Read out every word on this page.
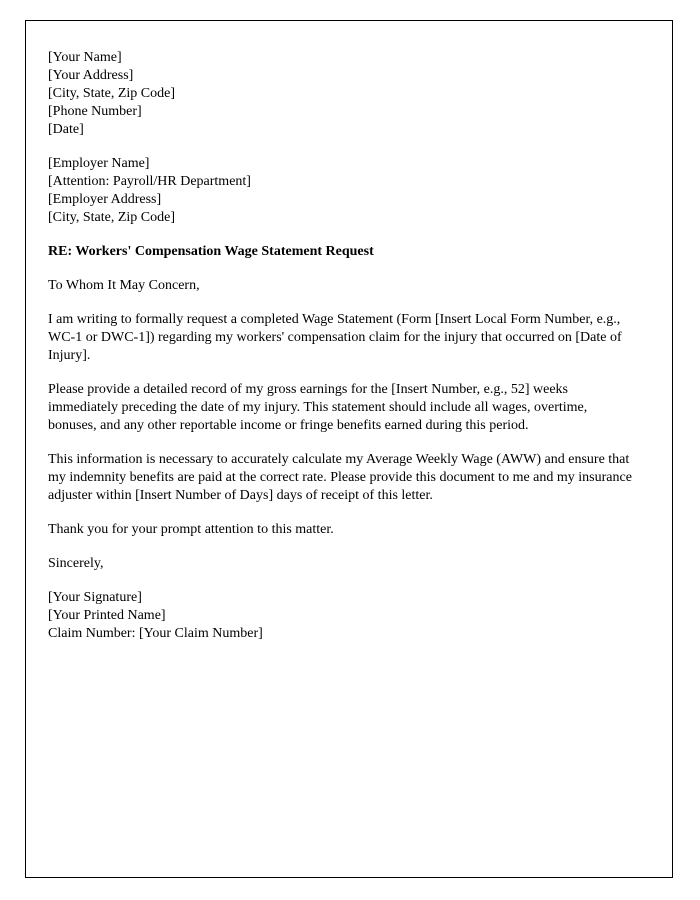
[Your Name]
[Your Address]
[City, State, Zip Code]
[Phone Number]
[Date]
[Employer Name]
[Attention: Payroll/HR Department]
[Employer Address]
[City, State, Zip Code]
RE: Workers' Compensation Wage Statement Request
To Whom It May Concern,
I am writing to formally request a completed Wage Statement (Form [Insert Local Form Number, e.g., WC-1 or DWC-1]) regarding my workers' compensation claim for the injury that occurred on [Date of Injury].
Please provide a detailed record of my gross earnings for the [Insert Number, e.g., 52] weeks immediately preceding the date of my injury. This statement should include all wages, overtime, bonuses, and any other reportable income or fringe benefits earned during this period.
This information is necessary to accurately calculate my Average Weekly Wage (AWW) and ensure that my indemnity benefits are paid at the correct rate. Please provide this document to me and my insurance adjuster within [Insert Number of Days] days of receipt of this letter.
Thank you for your prompt attention to this matter.
Sincerely,
[Your Signature]
[Your Printed Name]
Claim Number: [Your Claim Number]
